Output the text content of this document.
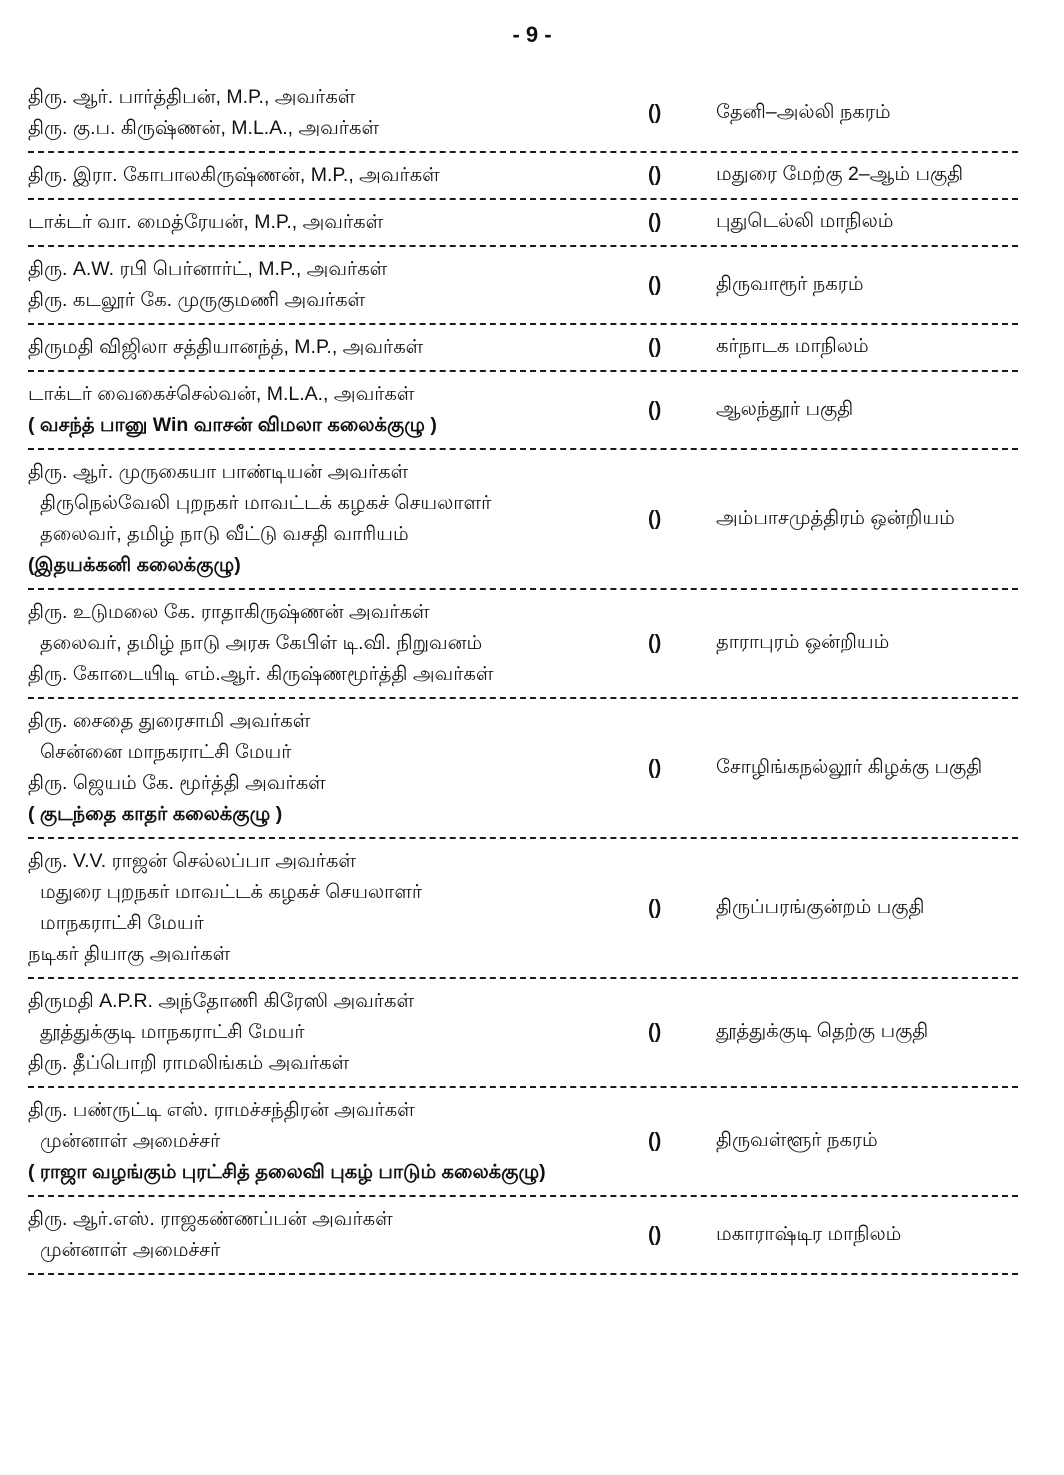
- 9 -
திரு. ஆர். பார்த்திபன், M.P., அவர்கள்
திரு. கு.ப. கிருஷ்ணன், M.L.A., அவர்கள்
()	தேனி–அல்லி நகரம்
திரு. இரா. கோபாலகிருஷ்ணன், M.P., அவர்கள்	()	மதுரை மேற்கு 2–ஆம் பகுதி
டாக்டர் வா. மைத்ரேயன், M.P., அவர்கள்	()	புதுடெல்லி மாநிலம்
திரு. A.W. ரபி பெர்னார்ட், M.P., அவர்கள்
திரு. கடலூர் கே. முருகுமணி அவர்கள்
()	திருவாரூர் நகரம்
திருமதி விஜிலா சத்தியானந்த், M.P., அவர்கள்	()	கர்நாடக மாநிலம்
டாக்டர் வைகைச்செல்வன், M.L.A., அவர்கள்
( வசந்த் பானு Win வாசன் விமலா கலைக்குழு )
()	ஆலந்தூர் பகுதி
திரு. ஆர். முருகையா பாண்டியன் அவர்கள்
திருநெல்வேலி புறநகர் மாவட்டக் கழகச் செயலாளர்
தலைவர், தமிழ் நாடு வீட்டு வசதி வாரியம்
(இதயக்கனி கலைக்குழு)
()	அம்பாசமுத்திரம் ஒன்றியம்
திரு. உடுமலை கே. ராதாகிருஷ்ணன் அவர்கள்
தலைவர், தமிழ் நாடு அரசு கேபிள் டி.வி. நிறுவனம்
திரு. கோடையிடி எம்.ஆர். கிருஷ்ணமூர்த்தி அவர்கள்
()	தாராபுரம் ஒன்றியம்
திரு. சைதை துரைசாமி அவர்கள்
சென்னை மாநகராட்சி மேயர்
திரு. ஜெயம் கே. மூர்த்தி அவர்கள்
( குடந்தை காதர் கலைக்குழு )
()	சோழிங்கநல்லூர் கிழக்கு பகுதி
திரு. V.V. ராஜன் செல்லப்பா அவர்கள்
மதுரை புறநகர் மாவட்டக் கழகச் செயலாளர்
மாநகராட்சி மேயர்
நடிகர் தியாகு அவர்கள்
()	திருப்பரங்குன்றம் பகுதி
திருமதி A.P.R. அந்தோணி கிரேஸி அவர்கள்
தூத்துக்குடி மாநகராட்சி மேயர்
திரு. தீப்பொறி ராமலிங்கம் அவர்கள்
()	தூத்துக்குடி தெற்கு பகுதி
திரு. பண்ருட்டி எஸ். ராமச்சந்திரன் அவர்கள்
முன்னாள் அமைச்சர்
( ராஜா வழங்கும் புரட்சித் தலைவி புகழ் பாடும் கலைக்குழு)
()	திருவள்ளூர் நகரம்
திரு. ஆர்.எஸ். ராஜகண்ணப்பன் அவர்கள்
முன்னாள் அமைச்சர்
()	மகாராஷ்டிர மாநிலம்
